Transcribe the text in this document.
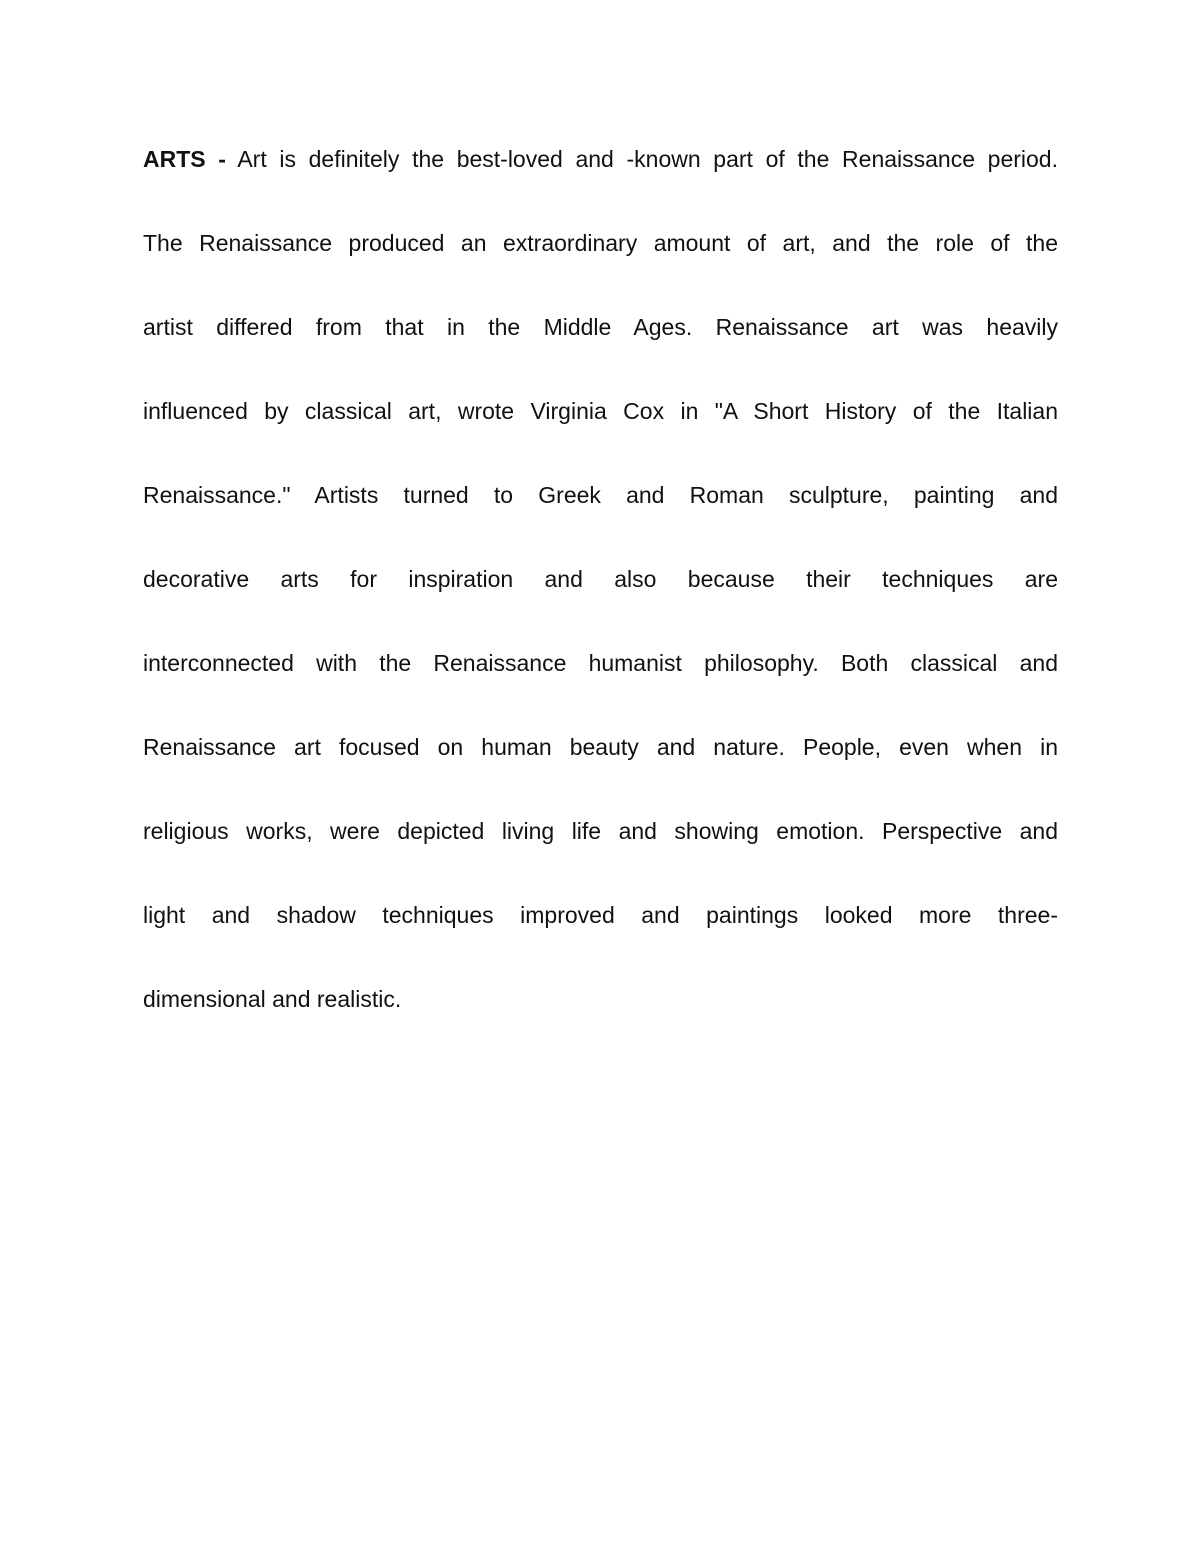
ARTS - Art is definitely the best-loved and -known part of the Renaissance period.
The Renaissance produced an extraordinary amount of art, and the role of the
artist differed from that in the Middle Ages. Renaissance art was heavily
influenced by classical art, wrote Virginia Cox in "A Short History of the Italian
Renaissance." Artists turned to Greek and Roman sculpture, painting and
decorative arts for inspiration and also because their techniques are
interconnected with the Renaissance humanist philosophy. Both classical and
Renaissance art focused on human beauty and nature. People, even when in
religious works, were depicted living life and showing emotion. Perspective and
light and shadow techniques improved and paintings looked more three-
dimensional and realistic.
